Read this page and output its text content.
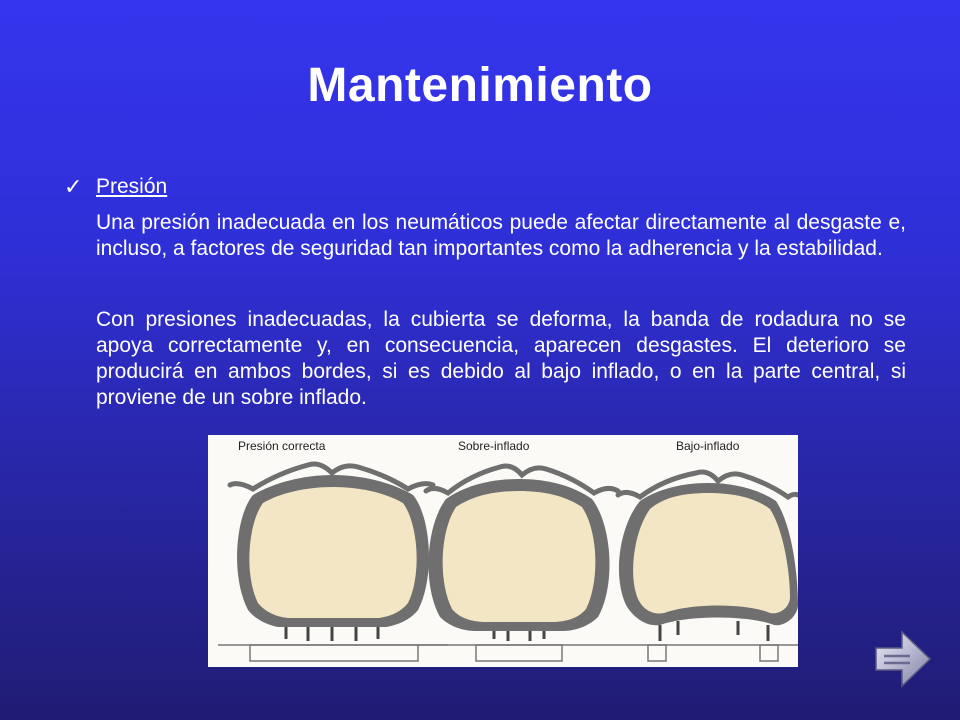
Mantenimiento
✓ Presión

Una presión inadecuada en los neumáticos puede afectar directamente al desgaste e, incluso, a factores de seguridad tan importantes como la adherencia y la estabilidad.

Con presiones inadecuadas, la cubierta se deforma, la banda de rodadura no se apoya correctamente y, en consecuencia, aparecen desgastes. El deterioro se producirá en ambos bordes, si es debido al bajo inflado, o en la parte central, si proviene de un sobre inflado.

Presión correcta	Sobre-inflado	Bajo-inflado
